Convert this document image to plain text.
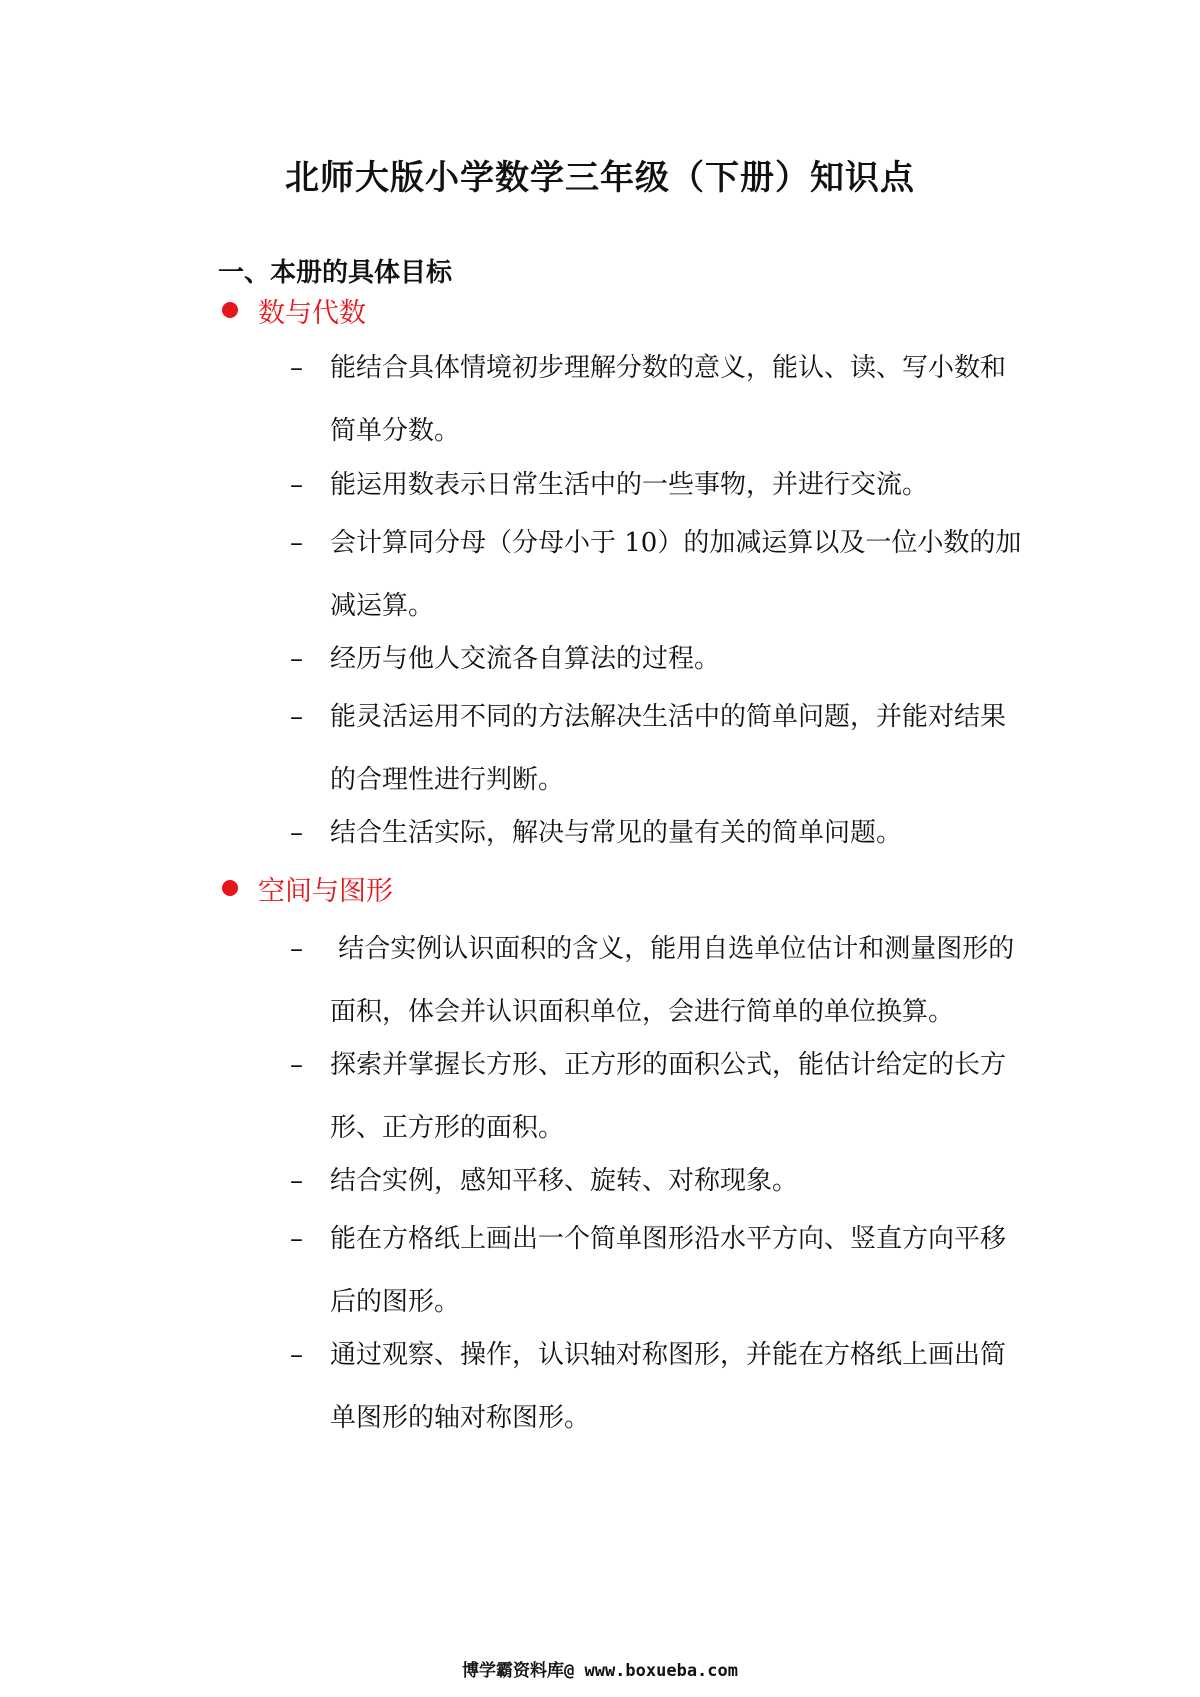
北师大版小学数学三年级（下册）知识点
一、本册的具体目标
数与代数
–	能结合具体情境初步理解分数的意义，能认、读、写小数和简单分数。
–	能运用数表示日常生活中的一些事物，并进行交流。
–	会计算同分母（分母小于 10）的加减运算以及一位小数的加减运算。
–	经历与他人交流各自算法的过程。
–	能灵活运用不同的方法解决生活中的简单问题，并能对结果的合理性进行判断。
–	结合生活实际，解决与常见的量有关的简单问题。
空间与图形
–	结合实例认识面积的含义，能用自选单位估计和测量图形的面积，体会并认识面积单位，会进行简单的单位换算。
–	探索并掌握长方形、正方形的面积公式，能估计给定的长方形、正方形的面积。
–	结合实例，感知平移、旋转、对称现象。
–	能在方格纸上画出一个简单图形沿水平方向、竖直方向平移后的图形。
–	通过观察、操作，认识轴对称图形，并能在方格纸上画出简单图形的轴对称图形。
博学霸资料库@ www.boxueba.com
